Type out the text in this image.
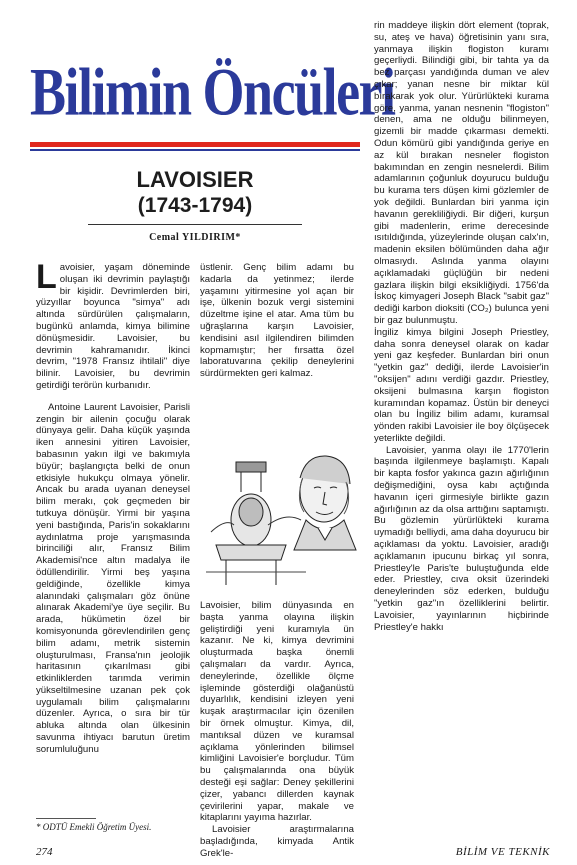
Bilimin Öncüleri
LAVOISIER
(1743-1794)
Cemal YILDIRIM*

Lavoisier, yaşam döneminde oluşan iki devrimin paylaştığı bir kişidir. Devrimlerden biri, yüzyıllar boyunca "simya" adı altında sürdürülen çalışmaların, bugünkü anlamda, kimya bilimine dönüşmesidir. Lavoisier, bu devrimin kahramanıdır. İkinci devrim, "1978 Fransız ihtilali" diye bilinir. Lavoisier, bu devrimin getirdiği terörün kurbanıdır.

Antoine Laurent Lavoisier, Parisli zengin bir ailenin çocuğu olarak dünyaya gelir. Daha küçük yaşında iken annesini yitiren Lavoisier, babasının yakın ilgi ve bakımıyla büyür; başlangıçta belki de onun etkisiyle hukukçu olmaya yönelir. Ancak bu arada uyanan deneysel bilim merakı, çok geçmeden bir tutkuya dönüşür. Yirmi bir yaşına yeni bastığında, Paris'in sokaklarını aydınlatma proje yarışmasında birinciliği alır, Fransız Bilim Akademisi'nce altın madalya ile ödüllendirilir. Yirmi beş yaşına geldiğinde, özellikle kimya alanındaki çalışmaları göz önüne alınarak Akademi'ye üye seçilir. Bu arada, hükümetin özel bir komisyonunda görevlendirilen genç bilim adamı, metrik sistemin oluşturulması, Fransa'nın jeolojik haritasının çıkarılması gibi etkinliklerden tarımda verimin yükseltilmesine uzanan pek çok uygulamalı bilim çalışmalarını düzenler. Ayrıca, o sıra bir tür abluka altında olan ülkesinin savunma ihtiyacı barutun üretim sorumluluğunu

üstlenir. Genç bilim adamı bu kadarla da yetinmez; ilerde yaşamını yitirmesine yol açan bir işe, ülkenin bozuk vergi sistemini düzeltme işine el atar. Ama tüm bu uğraşlarına karşın Lavoisier, kendisini asıl ilgilendiren bilimden kopmamıştır; her fırsatta özel laboratuvarına çekilip deneylerini sürdürmekten geri kalmaz.

Lavoisier, bilim dünyasında en başta yanma olayına ilişkin geliştirdiği yeni kuramıyla ün kazanır. Ne ki, kimya devrimini oluşturmada başka önemli çalışmaları da vardır. Ayrıca, deneylerinde, özellikle ölçme işleminde gösterdiği olağanüstü duyarlılık, kendisini izleyen yeni kuşak araştırmacılar için özenilen bir örnek olmuştur. Kimya, dil, mantıksal düzen ve kuramsal açıklama yönlerinden bilimsel kimliğini Lavoisier'e borçludur. Tüm bu çalışmalarında ona büyük desteği eşi sağlar: Deney şekillerini çizer, yabancı dillerden kaynak çevirilerini yapar, makale ve kitaplarını yayıma hazırlar.

Lavoisier araştırmalarına başladığında, kimyada Antik Grek'le-

rin maddeye ilişkin dört element (toprak, su, ateş ve hava) öğretisinin yanı sıra, yanmaya ilişkin flogiston kuramı geçerliydi. Bilindiği gibi, bir tahta ya da bez parçası yandığında duman ve alev çıkar; yanan nesne bir miktar kül bırakarak yok olur. Yürürlükteki kurama göre, yanma, yanan nesnenin "flogiston" denen, ama ne olduğu bilinmeyen, gizemli bir madde çıkarması demekti. Odun kömürü gibi yandığında geriye en az kül bırakan nesneler flogiston bakımından en zengin nesnelerdi. Bilim adamlarının çoğunluk doyurucu bulduğu bu kurama ters düşen kimi gözlemler de yok değildi. Bunlardan biri yanma için havanın gerekliliğiydi. Bir diğeri, kurşun gibi madenlerin, erime derecesinde ısıtıldığında, yüzeylerinde oluşan calx'ın, madenin eksilen bölümünden daha ağır olmasıydı. Aslında yanma olayını açıklamadaki güçlüğün bir nedeni gazlara ilişkin bilgi eksikliğiydi. 1756'da İskoç kimyageri Joseph Black "sabit gaz" dediği karbon dioksiti (CO₂) bulunca yeni bir gaz bulunmuştu.

İngiliz kimya bilgini Joseph Priestley, daha sonra deneysel olarak on kadar yeni gaz keşfeder. Bunlardan biri onun "yetkin gaz" dediği, ilerde Lavoisier'in "oksijen" adını verdiği gazdır. Priestley, oksijeni bulmasına karşın flogiston kuramından kopamaz. Üstün bir deneyci olan bu İngiliz bilim adamı, kuramsal yönden rakibi Lavoisier ile boy ölçüşecek yeterlikte değildi.

Lavoisier, yanma olayı ile 1770'lerin başında ilgilenmeye başlamıştı. Kapalı bir kapta fosfor yakınca gazın ağırlığının değişmediğini, oysa kabı açtığında havanın içeri girmesiyle birlikte gazın ağırlığının az da olsa arttığını saptamıştı. Bu gözlemin yürürlükteki kurama uymadığı belliydi, ama daha doyurucu bir açıklaması da yoktu. Lavoisier, aradığı açıklamanın ipucunu birkaç yıl sonra, Priestley'le Paris'te buluştuğunda elde eder. Priestley, cıva oksit üzerindeki deneylerinden söz ederken, bulduğu "yetkin gaz"ın özelliklerini belirtir. Lavoisier, yayınlarının hiçbirinde Priestley'e hakkı

* ODTÜ Emekli Öğretim Üyesi.
274	BİLİM VE TEKNİK
